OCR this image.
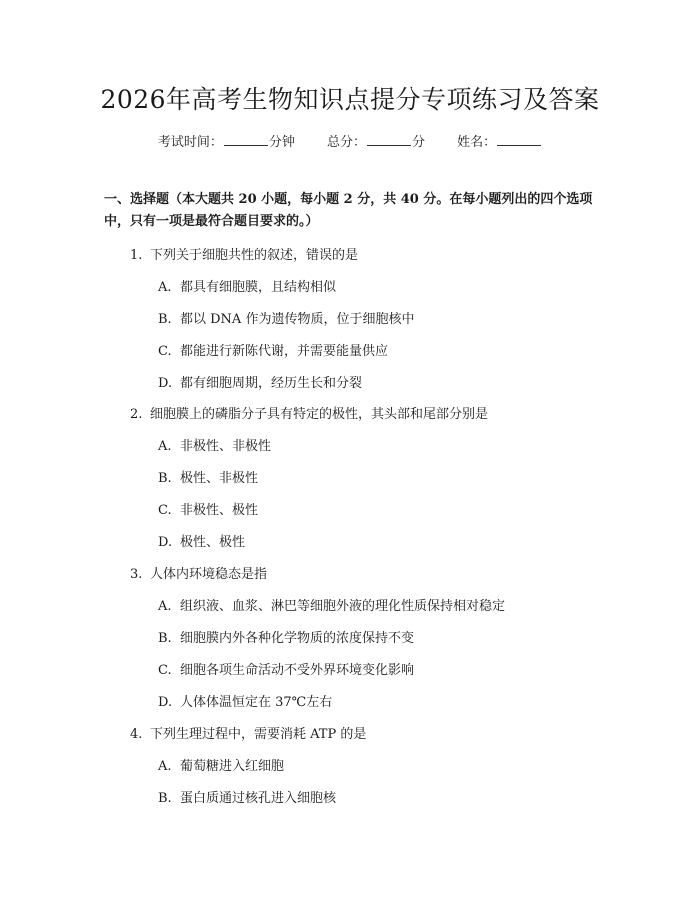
2026年高考生物知识点提分专项练习及答案
考试时间：	分钟 总分：	分 姓名：
一、选择题（本大题共 20 小题，每小题 2 分，共 40 分。在每小题列出的四个选项中，只有一项是最符合题目要求的。）
1. 下列关于细胞共性的叙述，错误的是
A. 都具有细胞膜，且结构相似
B. 都以 DNA 作为遗传物质，位于细胞核中
C. 都能进行新陈代谢，并需要能量供应
D. 都有细胞周期，经历生长和分裂
2. 细胞膜上的磷脂分子具有特定的极性，其头部和尾部分别是
A. 非极性、非极性
B. 极性、非极性
C. 非极性、极性
D. 极性、极性
3. 人体内环境稳态是指
A. 组织液、血浆、淋巴等细胞外液的理化性质保持相对稳定
B. 细胞膜内外各种化学物质的浓度保持不变
C. 细胞各项生命活动不受外界环境变化影响
D. 人体体温恒定在 37℃左右
4. 下列生理过程中，需要消耗 ATP 的是
A. 葡萄糖进入红细胞
B. 蛋白质通过核孔进入细胞核
